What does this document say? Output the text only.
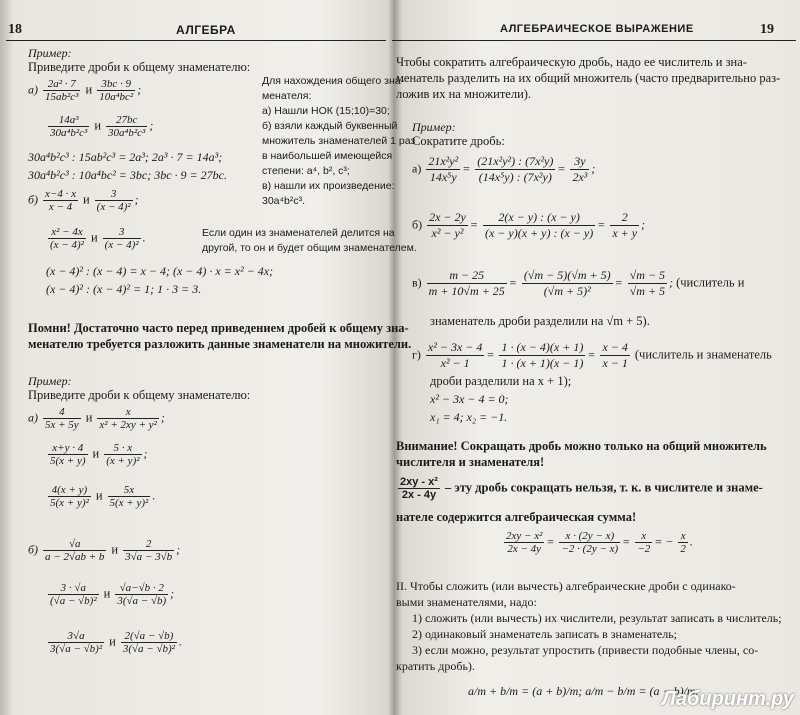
18	АЛГЕБРА
Пример:
Приведите дроби к общему знаменателю:
$а) \frac{\text{2a² · 7}}{\text{15ab²c³}}$ и $\frac{3bc \cdot 9}{\text{10a⁴bc²}}$ ;
$\frac{\text{14a³}}{\text{30a⁴b²c³}}$ и $\frac{27bc}{\text{30a⁴b²c³}}$ ;
30a⁴b²c³ : 15ab²c³ = 2a³; 2a³ · 7 = 14a³;
30a⁴b²c³ : 10a⁴bc² = 3bc; 3bc · 9 = 27bc.
Для нахождения общего зна-
менателя:
а) Нашли НОК (15;10)=30;
б) взяли каждый буквенный
множитель знаменателей 1 раз
в наибольшей имеющейся
степени: a⁴, b², c³;
в) нашли их произведение:
30a⁴b²c³.
$б) \frac{x-4 \cdot x}{x - 4}$ и $\frac{3}{\text{(x − 4)²}}$ ;
$\frac{\text{x² − 4x}}{\text{(x − 4)²}}$ и $\frac{3}{\text{(x − 4)²}}$ .	Если один из знаменателей делится на
другой, то он и будет общим знаменателем.
(x − 4)² : (x − 4) = x − 4; (x − 4) · x = x² − 4x;
(x − 4)² : (x − 4)² = 1; 1 · 3 = 3.
Помни! Достаточно часто перед приведением дробей к общему зна-
менателю требуется разложить данные знаменатели на множители.
Пример:
Приведите дроби к общему знаменателю:
$а) \frac{4}{5x + 5y}$ и $\frac{x}{\text{x² + 2xy + y²}}$ ;
$\frac{x+y \cdot 4}{5(x + y)}$ и $\frac{5 \cdot x}{\text{(x + y)²}}$ ;
$\frac{4(x + y)}{\text{5(x + y)²}}$ и $\frac{5x}{\text{5(x + y)²}}$ .
$б) \frac{√a}{a - 2√ab + b}$ и $\frac{2}{3√a - 3√b}$ ;
$\frac{3 \cdot √a}{\text{(√a − √b)²}}$ и $\frac{√a-√b \cdot 2}{3(√a - √b)}$ ;
$\frac{3√a}{\text{3(√a − √b)²}}$ и $\frac{2(√a - √b)}{\text{3(√a − √b)²}}$ .
АЛГЕБРАИЧЕСКОЕ ВЫРАЖЕНИЕ	19
Чтобы сократить алгебраическую дробь, надо ее числитель и зна-
менатель разделить на их общий множитель (часто предварительно раз-
ложив их на множители).
Пример:
Сократите дробь:
$а) \frac{\text{21x²y²}}{\text{14x⁵y}} = \frac{\text{(21x²y²) : (7x²y)}}{\text{(14x⁵y) : (7x²y)}} = \frac{3y}{\text{2x³}}$ ;
$б) \frac{2x - 2y}{\text{x² − y²}} = \frac{2(x - y) : (x - y)}{(x - y)(x + y) : (x - y)} = \frac{2}{x + y}$ ;
$в) \frac{m - 25}{m + 10√m + 25} = \frac{(√m - 5)(√m + 5)}{\text{(√m + 5)²}} = \frac{√m - 5}{√m + 5}$ ; (числитель и
знаменатель дроби разделили на √m + 5).
$г) \frac{\text{x² − 3x − 4}}{\text{x² − 1}} = \frac{1 \cdot (x - 4)(x + 1)}{1 \cdot (x + 1)(x - 1)} = \frac{x - 4}{x - 1}$ (числитель и знаменатель
дроби разделили на x + 1);
x² − 3x − 4 = 0;
x₁ = 4; x₂ = −1.
Внимание! Сокращать дробь можно только на общий множитель
числителя и знаменателя!
$\frac{\text{2xy - x²}}{2x - 4y}$ – эту дробь сокращать нельзя, т. к. в числителе и знаме-
нателе содержится алгебраическая сумма!
$\frac{\text{2xy − x²}}{2x - 4y} = \frac{x \cdot (2y - x)}{-2 \cdot (2y - x)} = \frac{x}{-2}$ = − $\frac{x}{2}$ .
II. Чтобы сложить (или вычесть) алгебраические дроби с одинако-
выми знаменателями, надо:
1) сложить (или вычесть) их числители, результат записать в числитель;
2) одинаковый знаменатель записать в знаменатель;
3) если можно, результат упростить (привести подобные члены, со-
кратить дробь).
a/m + b/m = (a + b)/m; a/m − b/m = (a − b)/m.
Лабиринт.ру
